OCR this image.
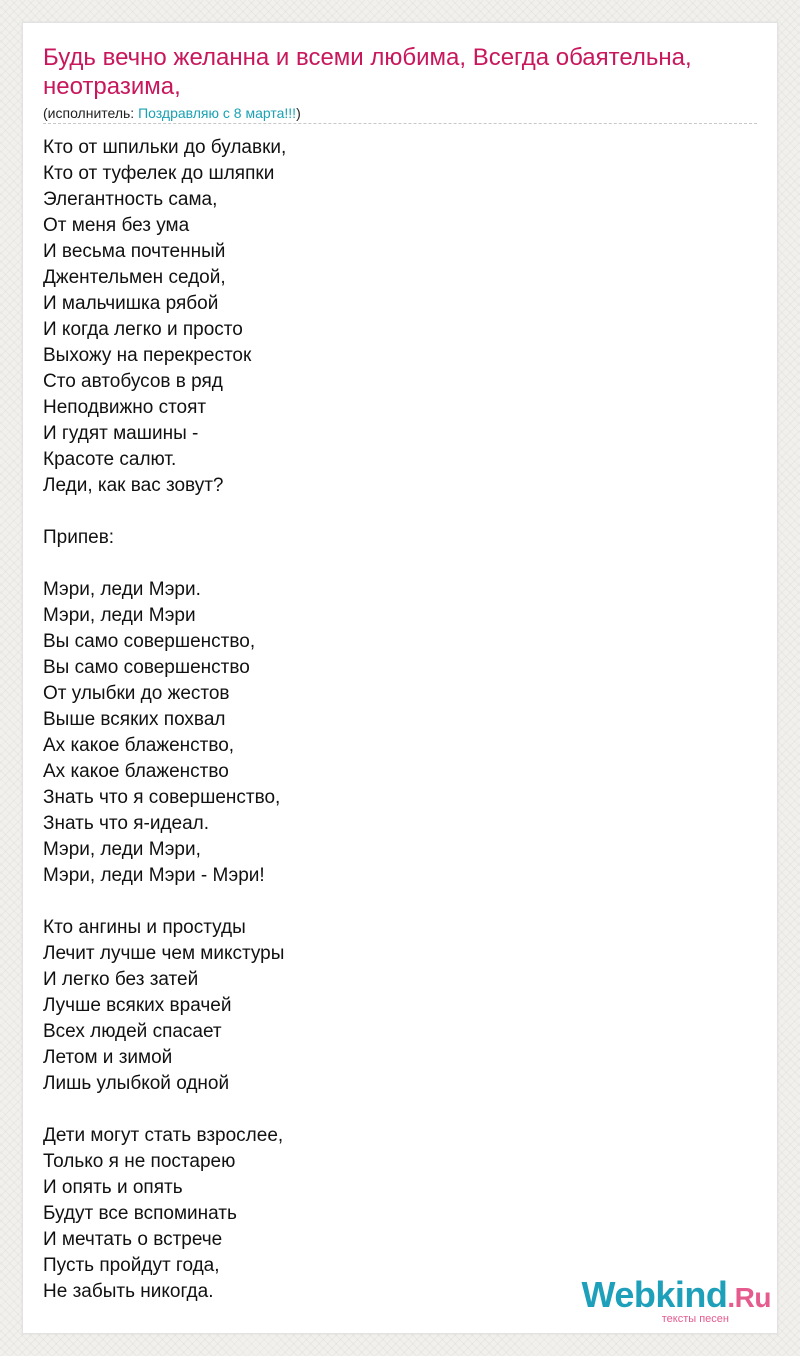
Будь вечно желанна и всеми любима, Всегда обаятельна, неотразима,
(исполнитель: Поздравляю с 8 марта!!!)
Кто от шпильки до булавки,
Кто от туфелек до шляпки
Элегантность сама,
От меня без ума
И весьма почтенный
Джентельмен седой,
И мальчишка рябой
И когда легко и просто
Выхожу на перекресток
Сто автобусов в ряд
Неподвижно стоят
И гудят машины -
Красоте салют.
Леди, как вас зовут?
Припев:
Мэри, леди Мэри.
Мэри, леди Мэри
Вы само совершенство,
Вы само совершенство
От улыбки до жестов
Выше всяких похвал
Ах какое блаженство,
Ах какое блаженство
Знать что я совершенство,
Знать что я-идеал.
Мэри, леди Мэри,
Мэри, леди Мэри - Мэри!
Кто ангины и простуды
Лечит лучше чем микстуры
И легко без затей
Лучше всяких врачей
Всех людей спасает
Летом и зимой
Лишь улыбкой одной
Дети могут стать взрослее,
Только я не постарею
И опять и опять
Будут все вспоминать
И мечтать о встрече
Пусть пройдут года,
Не забыть никогда.	Webkind.Ru
тексты песен
